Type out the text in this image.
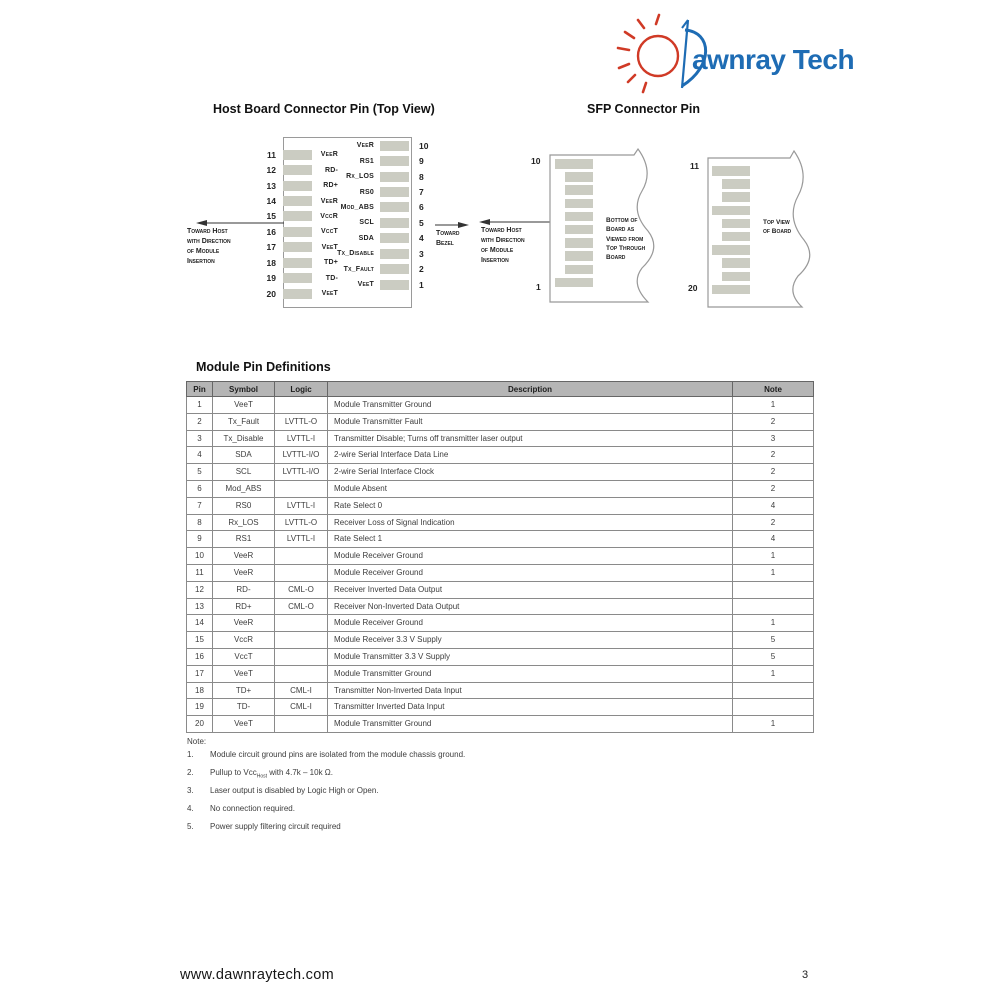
awnray Tech
Host Board Connector Pin (Top View)	SFP Connector Pin
11	VeeR
12	RD-
13	RD+
14	VeeR
15	VccR
16	VccT
17	VeeT
18	TD+
19	TD-
20	VeeT
VeeR	10
RS1	9
Rx_LOS	8
RS0	7
Mod_ABS	6
SCL	5
SDA	4
Tx_Disable	3
Tx_Fault	2
VeeT	1
Toward Host
with Direction
of Module
Insertion
Toward
Bezel
Toward Host
with Direction
of Module
Insertion
10
1
Bottom of
Board as
Viewed from
Top Through
Board
11
20
Top View
of Board
Module Pin Definitions
Pin	Symbol	Logic	Description	Note
1	VeeT		Module Transmitter Ground	1
2	Tx_Fault	LVTTL-O	Module Transmitter Fault	2
3	Tx_Disable	LVTTL-I	Transmitter Disable; Turns off transmitter laser output	3
4	SDA	LVTTL-I/O	2-wire Serial Interface Data Line	2
5	SCL	LVTTL-I/O	2-wire Serial Interface Clock	2
6	Mod_ABS		Module Absent	2
7	RS0	LVTTL-I	Rate Select 0	4
8	Rx_LOS	LVTTL-O	Receiver Loss of Signal Indication	2
9	RS1	LVTTL-I	Rate Select 1	4
10	VeeR		Module Receiver Ground	1
11	VeeR		Module Receiver Ground	1
12	RD-	CML-O	Receiver Inverted Data Output	
13	RD+	CML-O	Receiver Non-Inverted Data Output	
14	VeeR		Module Receiver Ground	1
15	VccR		Module Receiver 3.3 V Supply	5
16	VccT		Module Transmitter 3.3 V Supply	5
17	VeeT		Module Transmitter Ground	1
18	TD+	CML-I	Transmitter Non-Inverted Data Input	
19	TD-	CML-I	Transmitter Inverted Data Input	
20	VeeT		Module Transmitter Ground	1
Note:
1.	Module circuit ground pins are isolated from the module chassis ground.
2.	Pullup to Vcc$_{Host}$ with 4.7k – 10k Ω.
3.	Laser output is disabled by Logic High or Open.
4.	No connection required.
5.	Power supply filtering circuit required
www.dawnraytech.com	3
